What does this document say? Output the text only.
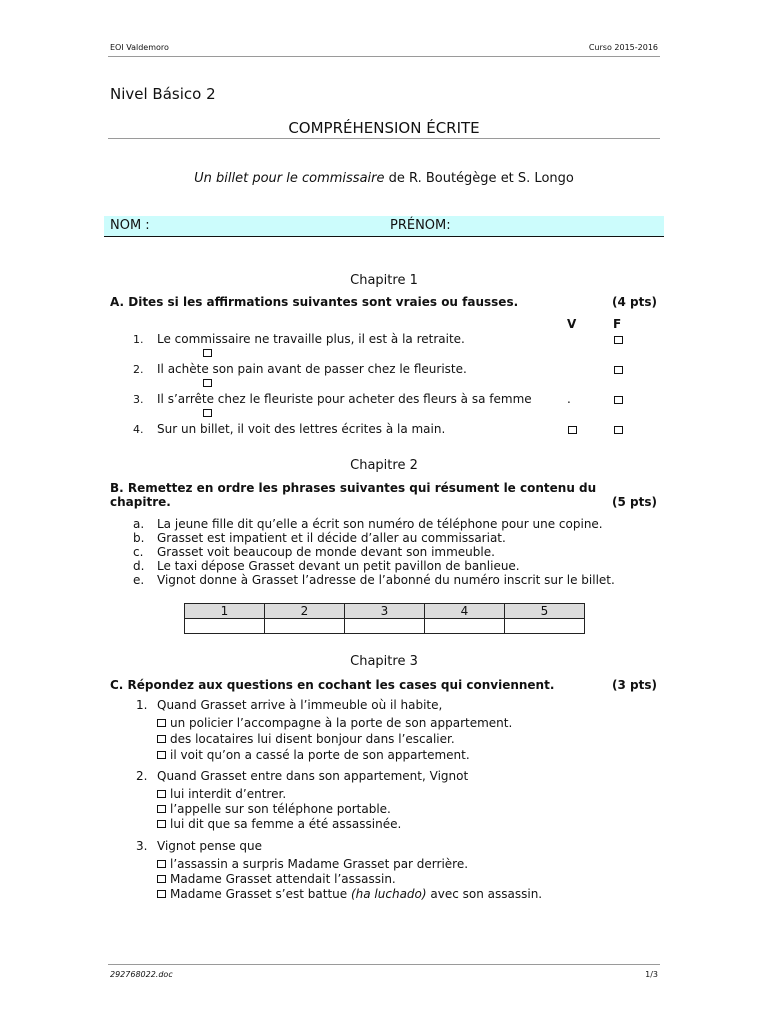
EOI Valdemoro	Curso 2015-2016
Nivel Básico 2
COMPRÉHENSION ÉCRITE
Un billet pour le commissaire de R. Boutégège et S. Longo
NOM :	PRÉNOM:
Chapitre 1
A. Dites si les affirmations suivantes sont vraies ou fausses.	(4 pts)
V	F
1. Le commissaire ne travaille plus, il est à la retraite.
2. Il achète son pain avant de passer chez le fleuriste.
3. Il s’arrête chez le fleuriste pour acheter des fleurs à sa femme	.
4. Sur un billet, il voit des lettres écrites à la main.
Chapitre 2
B. Remettez en ordre les phrases suivantes qui résument le contenu du
chapitre.	(5 pts)
a. La jeune fille dit qu’elle a écrit son numéro de téléphone pour une copine.
b. Grasset est impatient et il décide d’aller au commissariat.
c. Grasset voit beaucoup de monde devant son immeuble.
d. Le taxi dépose Grasset devant un petit pavillon de banlieue.
e. Vignot donne à Grasset l’adresse de l’abonné du numéro inscrit sur le billet.
1	2	3	4	5

Chapitre 3
C. Répondez aux questions en cochant les cases qui conviennent.	(3 pts)
1. Quand Grasset arrive à l’immeuble où il habite,
un policier l’accompagne à la porte de son appartement.
des locataires lui disent bonjour dans l’escalier.
il voit qu’on a cassé la porte de son appartement.
2. Quand Grasset entre dans son appartement, Vignot
lui interdit d’entrer.
l’appelle sur son téléphone portable.
lui dit que sa femme a été assassinée.
3. Vignot pense que
l’assassin a surpris Madame Grasset par derrière.
Madame Grasset attendait l’assassin.
Madame Grasset s’est battue (ha luchado) avec son assassin.
292768022.doc	1/3
